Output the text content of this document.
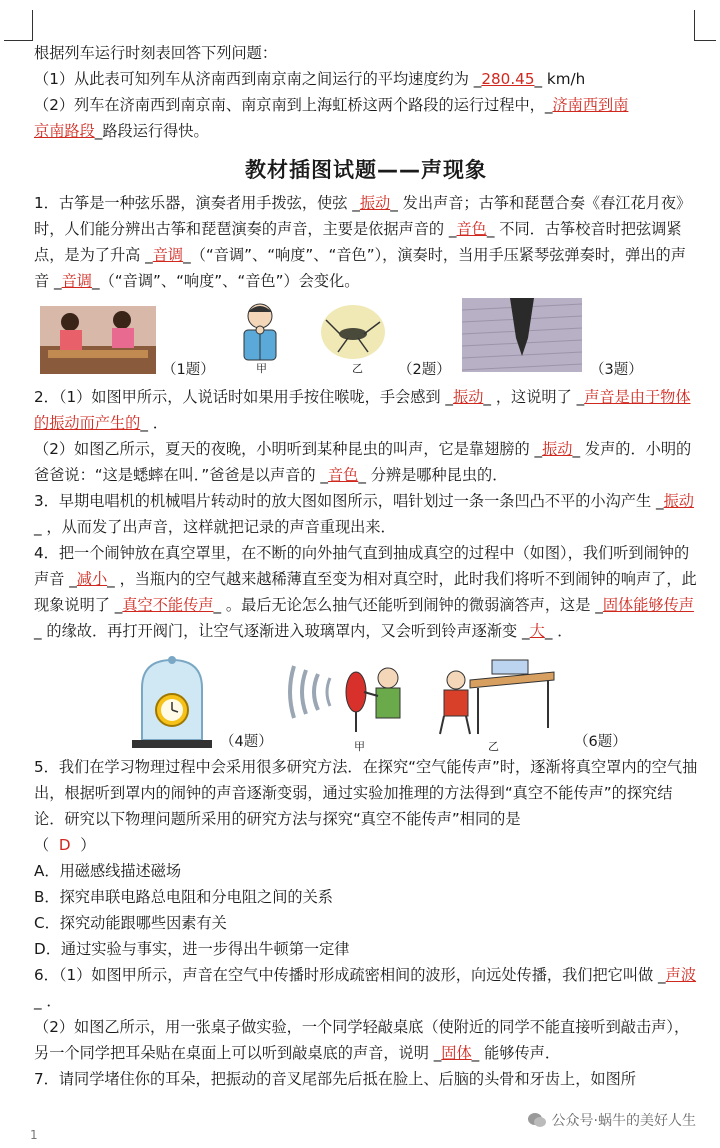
根据列车运行时刻表回答下列问题：
（1）从此表可知列车从济南西到南京南之间运行的平均速度约为 _280.45_ km/h
（2）列车在济南西到南京南、南京南到上海虹桥这两个路段的运行过程中，_济南西到南
京南路段_路段运行得快。
教材插图试题——声现象
1．古筝是一种弦乐器，演奏者用手拨弦，使弦 _振动_ 发出声音；古筝和琵琶合奏《春江花月夜》时，人们能分辨出古筝和琵琶演奏的声音，主要是依据声音的 _音色_ 不同．古筝校音时把弦调紧点，是为了升高 _音调_（“音调”、“响度”、“音色”），演奏时，当用手压紧琴弦弹奏时，弹出的声音 _音调_（“音调”、“响度”、“音色”）会变化。
（1题）	甲	乙 （2题）	（3题）
2．（1）如图甲所示，人说话时如果用手按住喉咙，手会感到 _振动_ ，这说明了 _声音是由于物体的振动而产生的_ ．
（2）如图乙所示，夏天的夜晚，小明听到某种昆虫的叫声，它是靠翅膀的 _振动_ 发声的．小明的爸爸说：“这是蟋蟀在叫．”爸爸是以声音的 _音色_ 分辨是哪种昆虫的．
3．早期电唱机的机械唱片转动时的放大图如图所示，唱针划过一条一条凹凸不平的小沟产生 _振动_ ，从而发了出声音，这样就把记录的声音重现出来．
4．把一个闹钟放在真空罩里，在不断的向外抽气直到抽成真空的过程中（如图），我们听到闹钟的声音 _减小_ ，当瓶内的空气越来越稀薄直至变为相对真空时，此时我们将听不到闹钟的响声了，此现象说明了 _真空不能传声_ 。最后无论怎么抽气还能听到闹钟的微弱滴答声，这是 _固体能够传声_ 的缘故．再打开阀门，让空气逐渐进入玻璃罩内，又会听到铃声逐渐变 _大_ ．
（4题）	甲	乙	（6题）
5．我们在学习物理过程中会采用很多研究方法．在探究“空气能传声”时，逐渐将真空罩内的空气抽出，根据听到罩内的闹钟的声音逐渐变弱，通过实验加推理的方法得到“真空不能传声”的探究结论．研究以下物理问题所采用的研究方法与探究“真空不能传声”相同的是
（ D ）
A．用磁感线描述磁场
B．探究串联电路总电阻和分电阻之间的关系
C．探究动能跟哪些因素有关
D．通过实验与事实，进一步得出牛顿第一定律
6．（1）如图甲所示，声音在空气中传播时形成疏密相间的波形，向远处传播，我们把它叫做 _声波_ ．
（2）如图乙所示，用一张桌子做实验，一个同学轻敲桌底（使附近的同学不能直接听到敲击声），另一个同学把耳朵贴在桌面上可以听到敲桌底的声音，说明 _固体_ 能够传声．
7．请同学堵住你的耳朵，把振动的音叉尾部先后抵在脸上、后脑的头骨和牙齿上，如图所
公众号·蜗牛的美好人生
1
